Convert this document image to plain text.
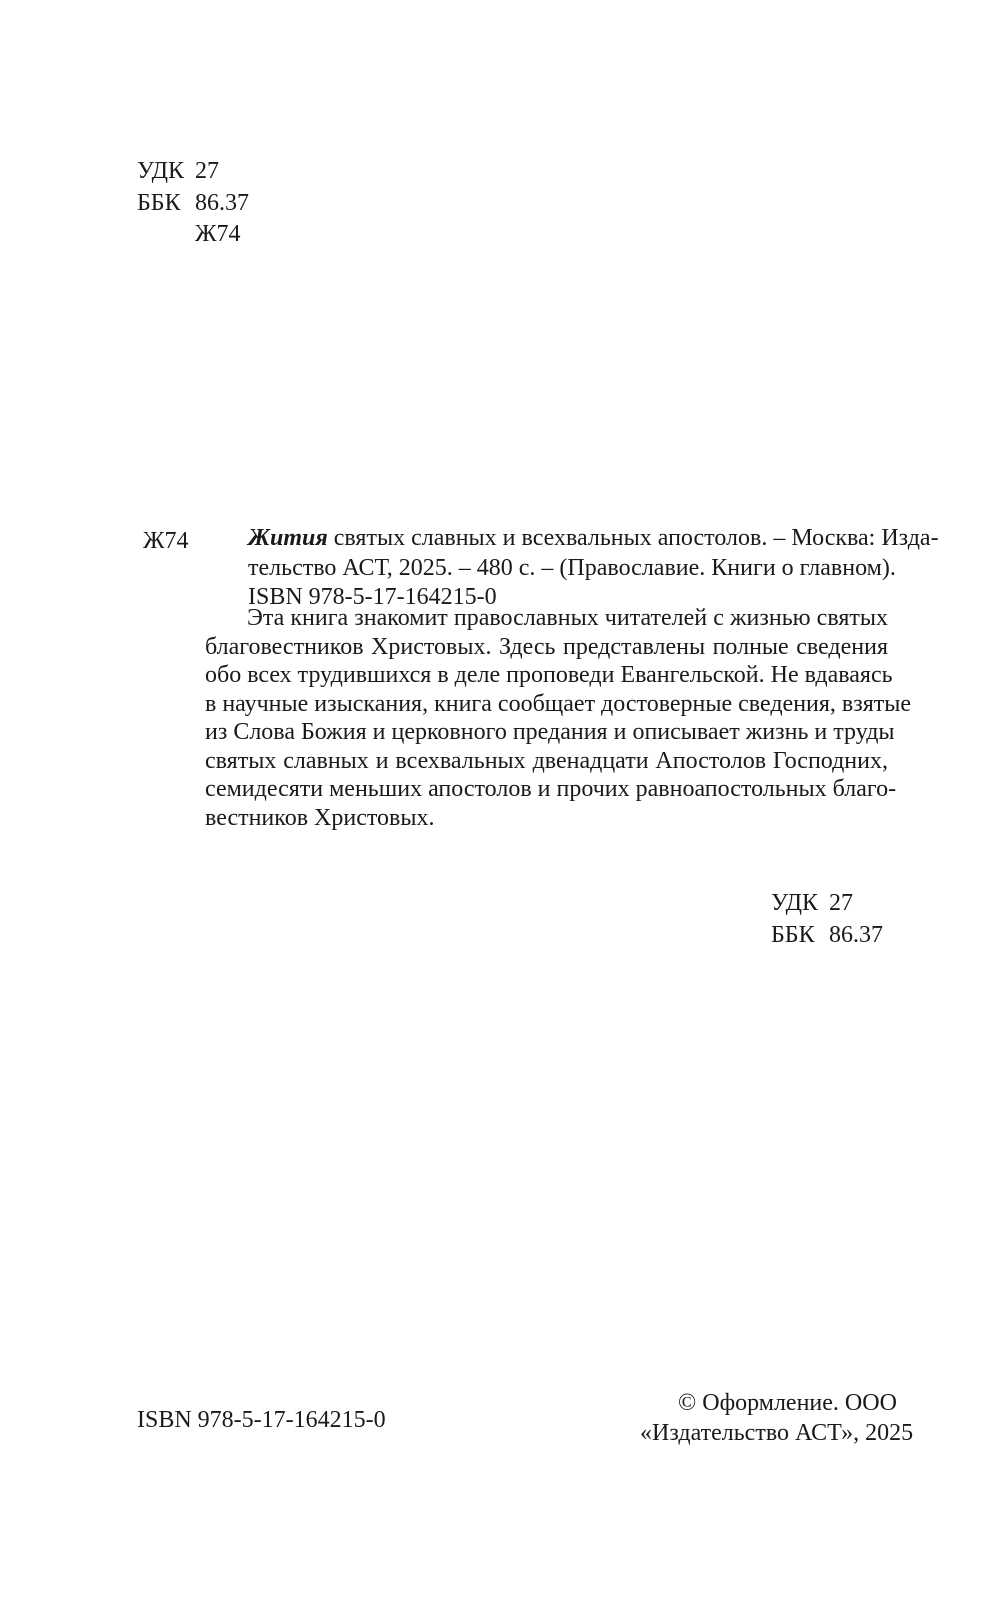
УДК 27
ББК 86.37
Ж74
Ж74 Жития святых славных и всехвальных апостолов. – Москва: Изда-
тельство АСТ, 2025. – 480 с. – (Православие. Книги о главном).
ISBN 978-5-17-164215-0
Эта книга знакомит православных читателей с жизнью святых
благовестников Христовых. Здесь представлены полные сведения
обо всех трудившихся в деле проповеди Евангельской. Не вдаваясь
в научные изыскания, книга сообщает достоверные сведения, взятые
из Слова Божия и церковного предания и описывает жизнь и труды
святых славных и всехвальных двенадцати Апостолов Господних,
семидесяти меньших апостолов и прочих равноапостольных благо-
вестников Христовых.
УДК 27
ББК 86.37
ISBN 978-5-17-164215-0
© Оформление. ООО
«Издательство АСТ», 2025
